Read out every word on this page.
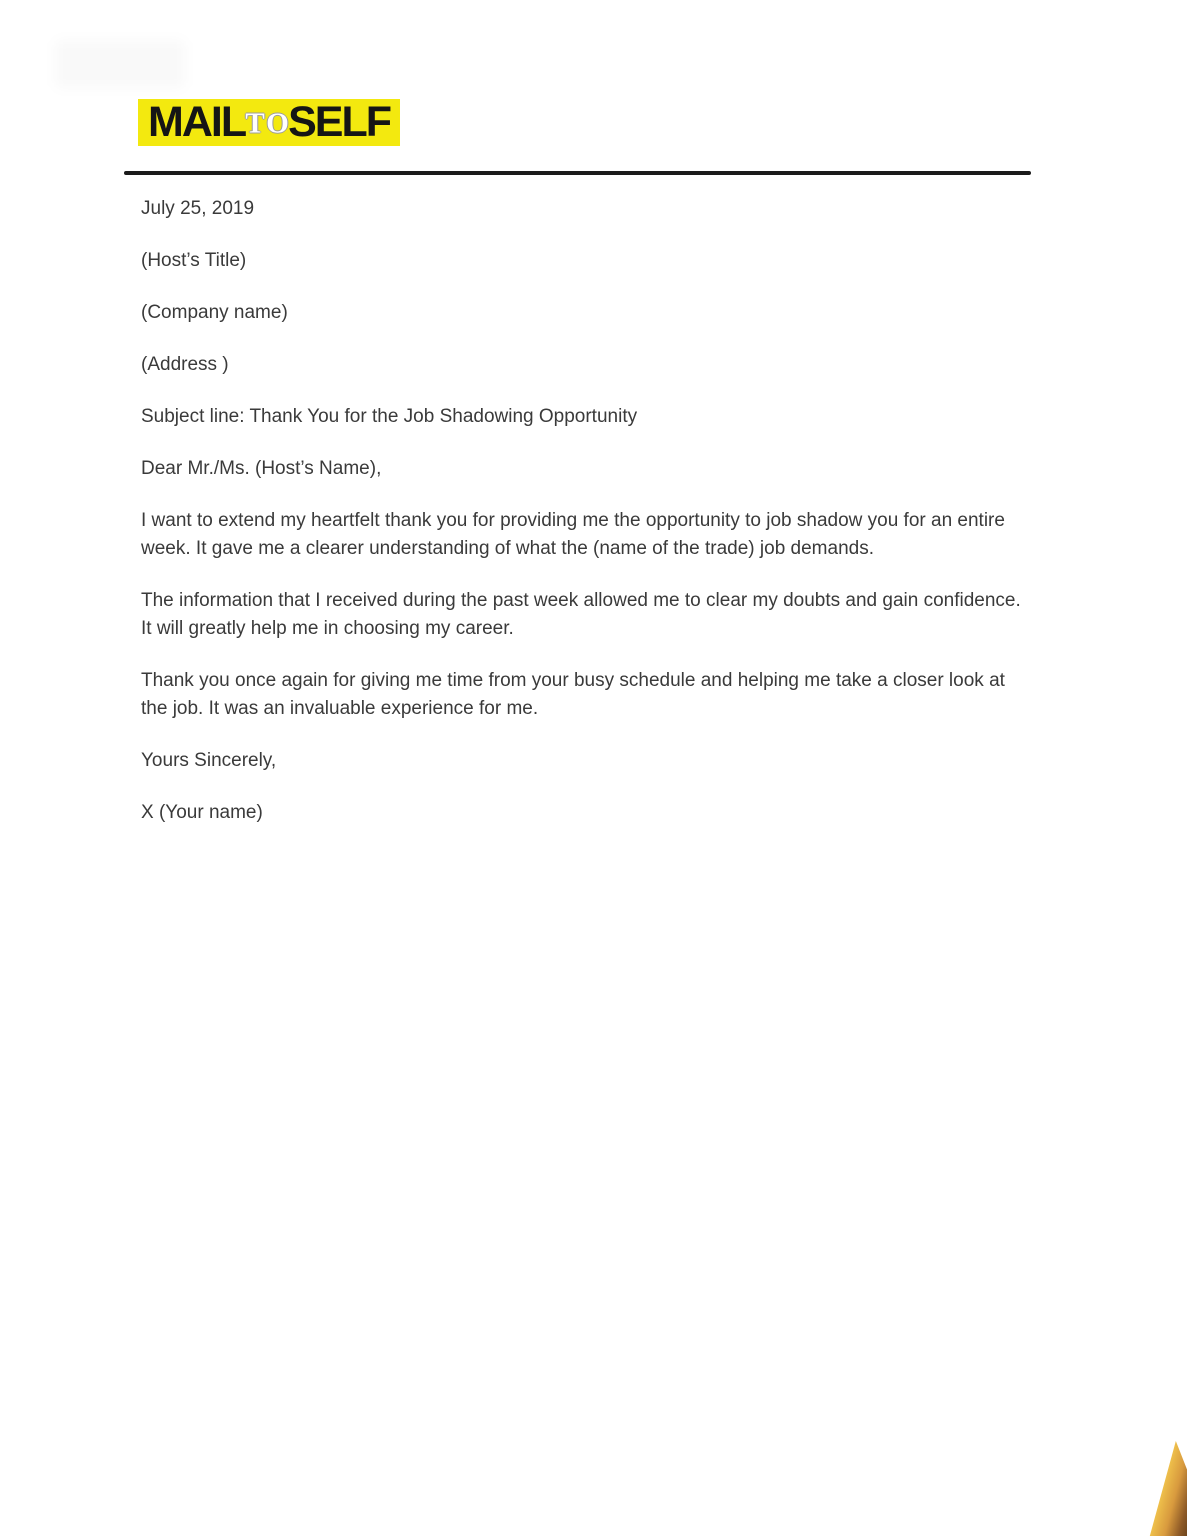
MAIL SELF
TO

July 25, 2019

(Host’s Title)

(Company name)

(Address )

Subject line: Thank You for the Job Shadowing Opportunity

Dear Mr./Ms. (Host’s Name),

I want to extend my heartfelt thank you for providing me the opportunity to job shadow you for an entire week. It gave me a clearer understanding of what the (name of the trade) job demands.

The information that I received during the past week allowed me to clear my doubts and gain confidence. It will greatly help me in choosing my career.

Thank you once again for giving me time from your busy schedule and helping me take a closer look at the job. It was an invaluable experience for me.

Yours Sincerely,

X (Your name)
